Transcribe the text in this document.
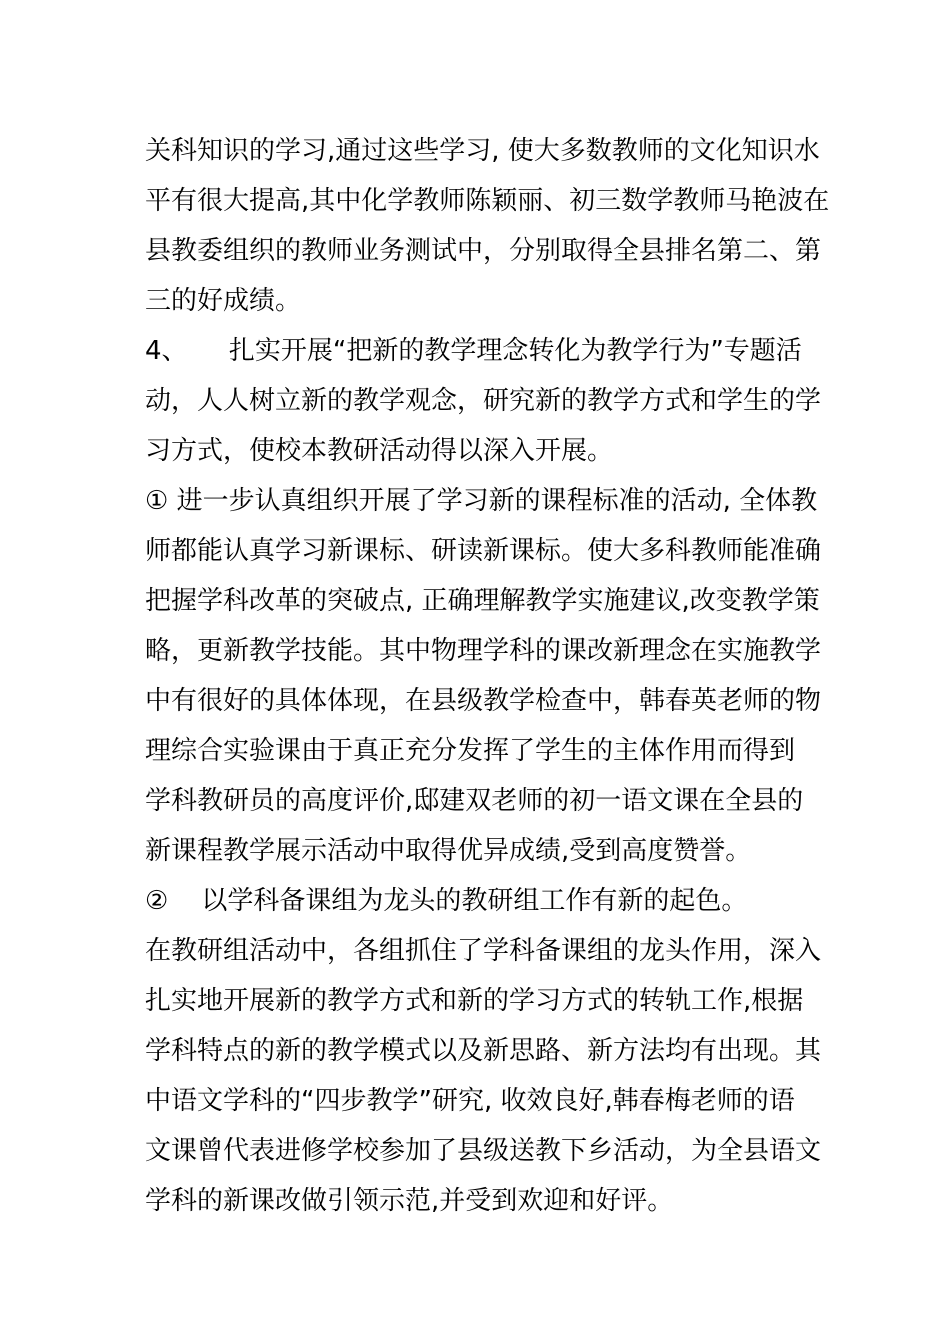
关科知识的学习,通过这些学习, 使大多数教师的文化知识水
平有很大提高,其中化学教师陈颖丽、初三数学教师马艳波在
县教委组织的教师业务测试中，分别取得全县排名第二、第
三的好成绩。
4、     扎实开展“把新的教学理念转化为教学行为”专题活
动，人人树立新的教学观念，研究新的教学方式和学生的学
习方式，使校本教研活动得以深入开展。
① 进一步认真组织开展了学习新的课程标准的活动, 全体教
师都能认真学习新课标、研读新课标。使大多科教师能准确
把握学科改革的突破点, 正确理解教学实施建议,改变教学策
略，更新教学技能。其中物理学科的课改新理念在实施教学
中有很好的具体体现，在县级教学检查中，韩春英老师的物
理综合实验课由于真正充分发挥了学生的主体作用而得到
学科教研员的高度评价,邸建双老师的初一语文课在全县的
新课程教学展示活动中取得优异成绩,受到高度赞誉。
②    以学科备课组为龙头的教研组工作有新的起色。
在教研组活动中，各组抓住了学科备课组的龙头作用，深入
扎实地开展新的教学方式和新的学习方式的转轨工作,根据
学科特点的新的教学模式以及新思路、新方法均有出现。其
中语文学科的“四步教学”研究, 收效良好,韩春梅老师的语
文课曾代表进修学校参加了县级送教下乡活动，为全县语文
学科的新课改做引领示范,并受到欢迎和好评。
